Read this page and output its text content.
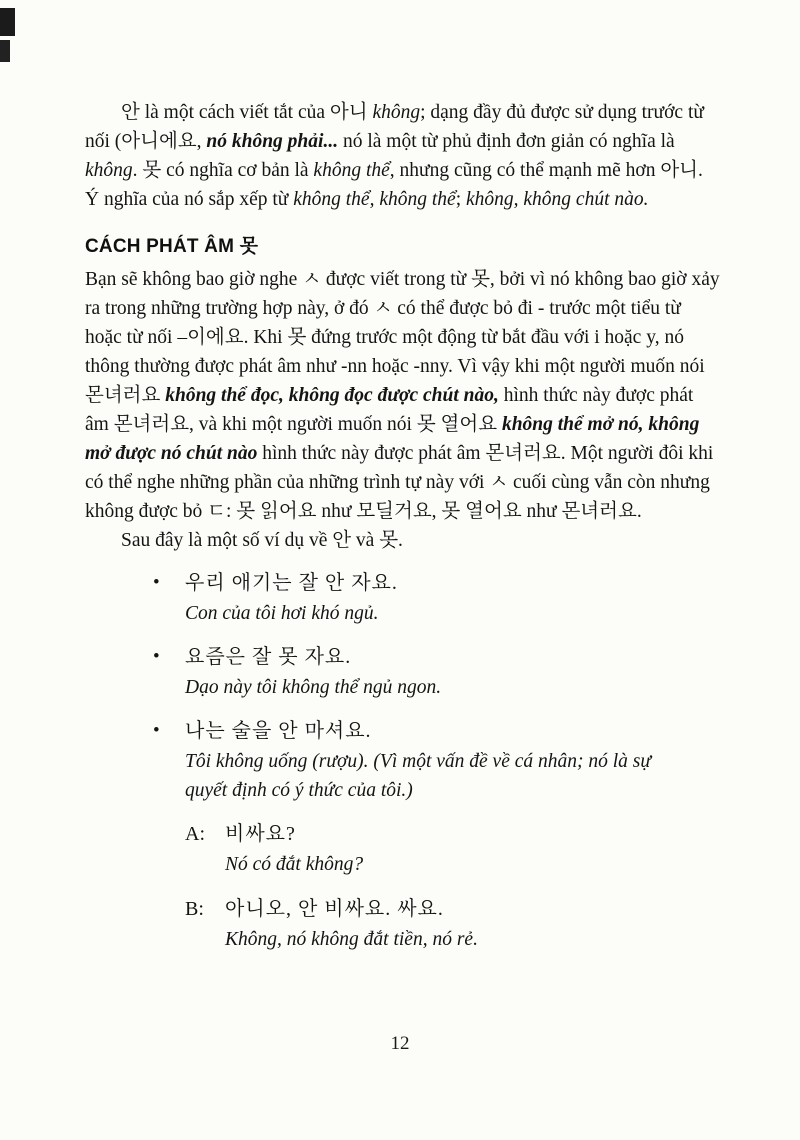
안 là một cách viết tắt của 아니 không; dạng đầy đủ được sử dụng trước từ nối (아니에요, nó không phải... nó là một từ phủ định đơn giản có nghĩa là không. 못 có nghĩa cơ bản là không thể, nhưng cũng có thể mạnh mẽ hơn 아니. Ý nghĩa của nó sắp xếp từ không thể, không thể; không, không chút nào.

CÁCH PHÁT ÂM 못

Bạn sẽ không bao giờ nghe ㅅ được viết trong từ 못, bởi vì nó không bao giờ xảy ra trong những trường hợp này, ở đó ㅅ có thể được bỏ đi - trước một tiểu từ hoặc từ nối –이에요. Khi 못 đứng trước một động từ bắt đầu với i hoặc y, nó thông thường được phát âm như -nn hoặc -nny. Vì vậy khi một người muốn nói 몬녀러요 không thể đọc, không đọc được chút nào, hình thức này được phát âm 몬녀러요, và khi một người muốn nói 못 열어요 không thể mở nó, không mở được nó chút nào hình thức này được phát âm 몬녀러요. Một người đôi khi có thể nghe những phần của những trình tự này với ㅅ cuối cùng vẫn còn nhưng không được bỏ ㄷ: 못 읽어요 như 모딜거요, 못 열어요 như 몬녀러요.

Sau đây là một số ví dụ về 안 và 못.

•	우리 애기는 잘 안 자요.
Con của tôi hơi khó ngủ.
•	요즘은 잘 못 자요.
Dạo này tôi không thể ngủ ngon.
•	나는 술을 안 마셔요.
Tôi không uống (rượu). (Vì một vấn đề về cá nhân; nó là sự quyết định có ý thức của tôi.)
A:	비싸요?
Nó có đắt không?
B:	아니오, 안 비싸요. 싸요.
Không, nó không đắt tiền, nó rẻ.
12
